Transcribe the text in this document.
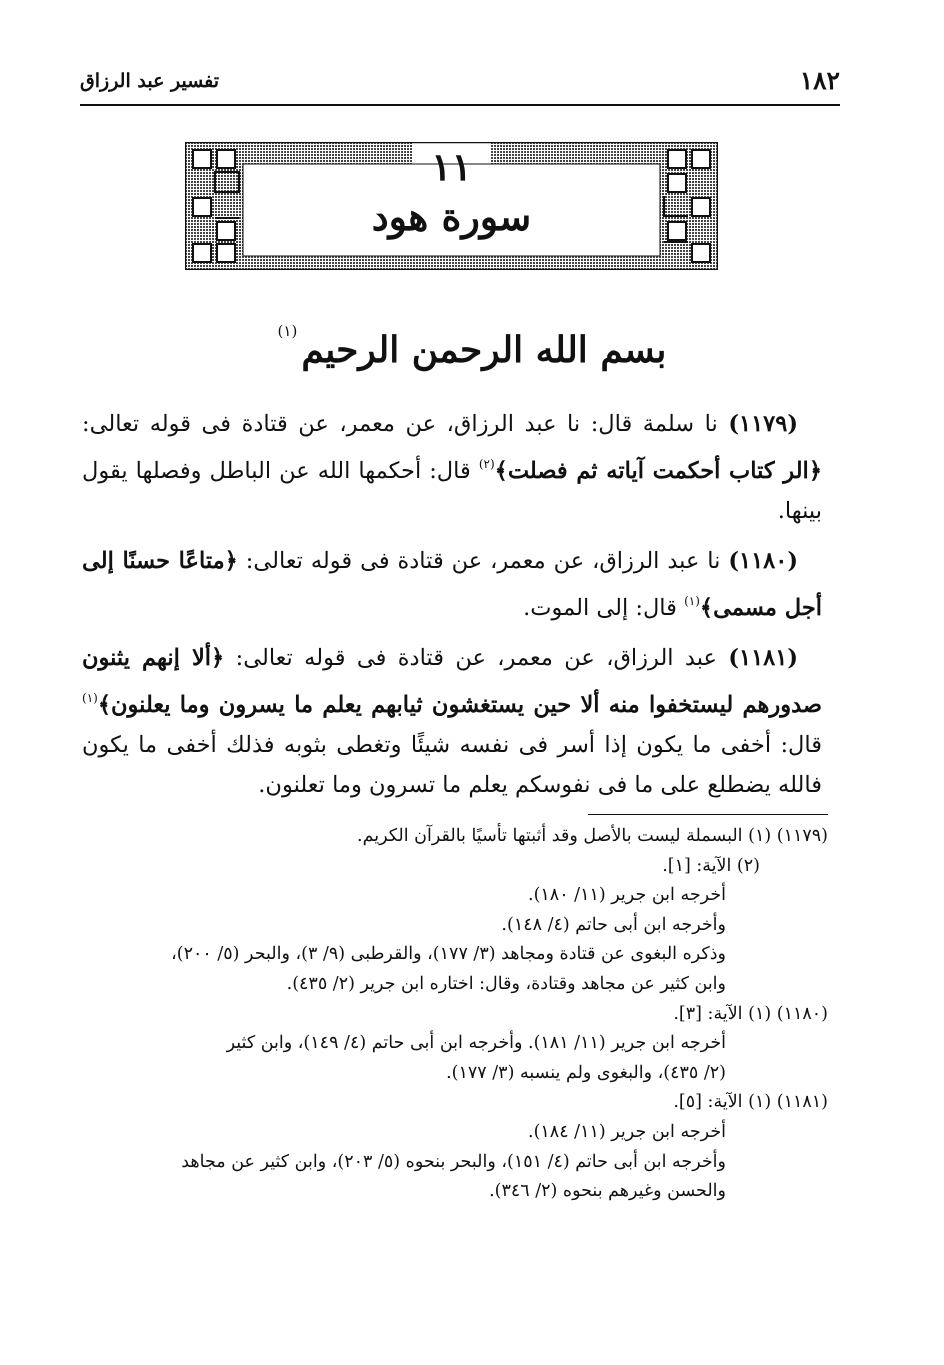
١٨٢
تفسير عبد الرزاق
١١
سورة هود
بسم الله الرحمن الرحيم$^{(١)}$

(١١٧٩) نا سلمة قال: نا عبد الرزاق، عن معمر، عن قتادة فى قوله تعالى: ﴿الر كتاب أحكمت آياته ثم فصلت﴾$^{(٢)}$ قال: أحكمها الله عن الباطل وفصلها يقول بينها.

(١١٨٠) نا عبد الرزاق، عن معمر، عن قتادة فى قوله تعالى: ﴿متاعًا حسنًا إلى أجل مسمى﴾$^{(١)}$ قال: إلى الموت.

(١١٨١) عبد الرزاق، عن معمر، عن قتادة فى قوله تعالى: ﴿ألا إنهم يثنون صدورهم ليستخفوا منه ألا حين يستغشون ثيابهم يعلم ما يسرون وما يعلنون﴾$^{(١)}$ قال: أخفى ما يكون إذا أسر فى نفسه شيئًا وتغطى بثوبه فذلك أخفى ما يكون فالله يضطلع على ما فى نفوسكم يعلم ما تسرون وما تعلنون.

(١١٧٩) (١) البسملة ليست بالأصل وقد أثبتها تأسيًا بالقرآن الكريم.
(٢) الآية: [١].
أخرجه ابن جرير (١١/ ١٨٠).
وأخرجه ابن أبى حاتم (٤/ ١٤٨).
وذكره البغوى عن قتادة ومجاهد (٣/ ١٧٧)، والقرطبى (٩/ ٣)، والبحر (٥/ ٢٠٠)،
وابن كثير عن مجاهد وقتادة، وقال: اختاره ابن جرير (٢/ ٤٣٥).
(١١٨٠) (١) الآية: [٣].
أخرجه ابن جرير (١١/ ١٨١). وأخرجه ابن أبى حاتم (٤/ ١٤٩)، وابن كثير
(٢/ ٤٣٥)، والبغوى ولم ينسبه (٣/ ١٧٧).
(١١٨١) (١) الآية: [٥].
أخرجه ابن جرير (١١/ ١٨٤).
وأخرجه ابن أبى حاتم (٤/ ١٥١)، والبحر بنحوه (٥/ ٢٠٣)، وابن كثير عن مجاهد
والحسن وغيرهم بنحوه (٢/ ٣٤٦).
